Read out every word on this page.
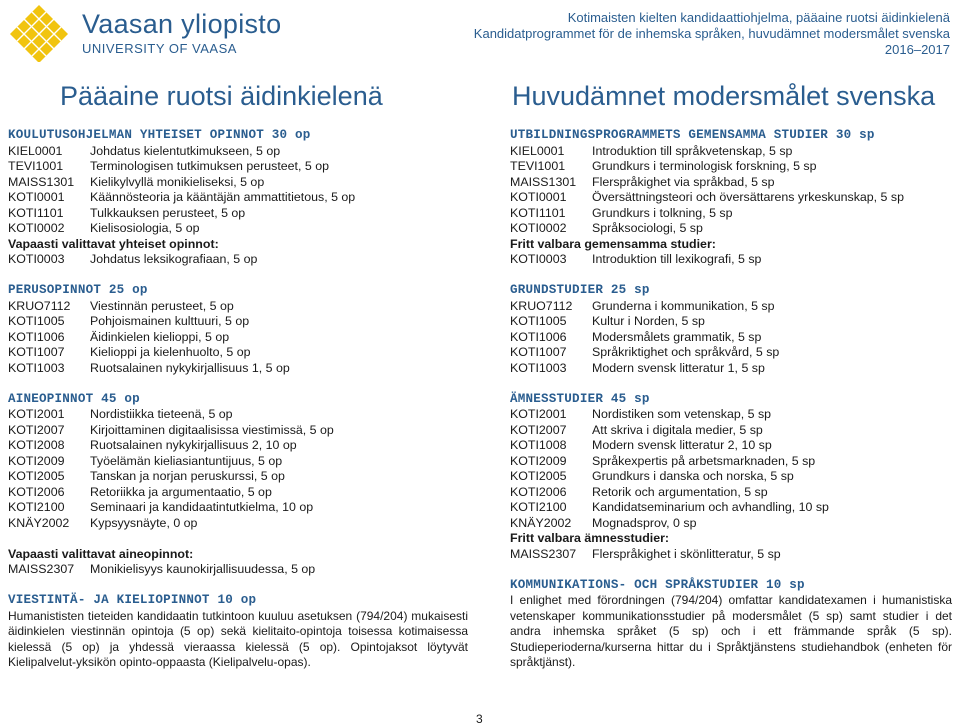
Vaasan yliopisto
UNIVERSITY OF VAASA
Kotimaisten kielten kandidaattiohjelma, pääaine ruotsi äidinkielenä
Kandidatprogrammet för de inhemska språken, huvudämnet modersmålet svenska
2016–2017
Pääaine ruotsi äidinkielenä
KOULUTUSOHJELMAN YHTEISET OPINNOT 30 op
KIEL0001	Johdatus kielentutkimukseen, 5 op
TEVI1001	Terminologisen tutkimuksen perusteet, 5 op
MAISS1301	Kielikylvyllä monikieliseksi, 5 op
KOTI0001	Käännösteoria ja kääntäjän ammattitietous, 5 op
KOTI1101	Tulkkauksen perusteet, 5 op
KOTI0002	Kielisosiologia, 5 op
Vapaasti valittavat yhteiset opinnot:
KOTI0003	Johdatus leksikografiaan, 5 op
PERUSOPINNOT 25 op
KRUO7112	Viestinnän perusteet, 5 op
KOTI1005	Pohjoismainen kulttuuri, 5 op
KOTI1006	Äidinkielen kielioppi, 5 op
KOTI1007	Kielioppi ja kielenhuolto, 5 op
KOTI1003	Ruotsalainen nykykirjallisuus 1, 5 op
AINEOPINNOT 45 op
KOTI2001	Nordistiikka tieteenä, 5 op
KOTI2007	Kirjoittaminen digitaalisissa viestimissä, 5 op
KOTI2008	Ruotsalainen nykykirjallisuus 2, 10 op
KOTI2009	Työelämän kieliasiantuntijuus, 5 op
KOTI2005	Tanskan ja norjan peruskurssi, 5 op
KOTI2006	Retoriikka ja argumentaatio, 5 op
KOTI2100	Seminaari ja kandidaatintutkielma, 10 op
KNÄY2002	Kypsyysnäyte, 0 op
Vapaasti valittavat aineopinnot:
MAISS2307	Monikielisyys kaunokirjallisuudessa, 5 op
VIESTINTÄ- JA KIELIOPINNOT 10 op
Humanististen tieteiden kandidaatin tutkintoon kuuluu asetuksen (794/204) mukaisesti äidinkielen viestinnän opintoja (5 op) sekä kielitaito-opintoja toisessa kotimaisessa kielessä (5 op) ja yhdessä vieraassa kielessä (5 op). Opintojaksot löytyvät Kielipalvelut-yksikön opinto-oppaasta (Kielipalvelu-opas).
Huvudämnet modersmålet svenska
UTBILDNINGSPROGRAMMETS GEMENSAMMA STUDIER 30 sp
KIEL0001	Introduktion till språkvetenskap, 5 sp
TEVI1001	Grundkurs i terminologisk forskning, 5 sp
MAISS1301	Flerspråkighet via språkbad, 5 sp
KOTI0001	Översättningsteori och översättarens yrkeskunskap, 5 sp
KOTI1101	Grundkurs i tolkning, 5 sp
KOTI0002	Språksociologi, 5 sp
Fritt valbara gemensamma studier:
KOTI0003	Introduktion till lexikografi, 5 sp
GRUNDSTUDIER 25 sp
KRUO7112	Grunderna i kommunikation, 5 sp
KOTI1005	Kultur i Norden, 5 sp
KOTI1006	Modersmålets grammatik, 5 sp
KOTI1007	Språkriktighet och språkvård, 5 sp
KOTI1003	Modern svensk litteratur 1, 5 sp
ÄMNESSTUDIER 45 sp
KOTI2001	Nordistiken som vetenskap, 5 sp
KOTI2007	Att skriva i digitala medier, 5 sp
KOTI1008	Modern svensk litteratur 2, 10 sp
KOTI2009	Språkexpertis på arbetsmarknaden, 5 sp
KOTI2005	Grundkurs i danska och norska, 5 sp
KOTI2006	Retorik och argumentation, 5 sp
KOTI2100	Kandidatseminarium och avhandling, 10 sp
KNÄY2002	Mognadsprov, 0 sp
Fritt valbara ämnesstudier:
MAISS2307	Flerspråkighet i skönlitteratur, 5 sp
KOMMUNIKATIONS- OCH SPRÅKSTUDIER 10 sp
I enlighet med förordningen (794/204) omfattar kandidatexamen i humanistiska vetenskaper kommunikationsstudier på modersmålet (5 sp) samt studier i det andra inhemska språket (5 sp) och i ett främmande språk (5 sp). Studieperioderna/kurserna hittar du i Språktjänstens studiehandbok (enheten för språktjänst).
3
